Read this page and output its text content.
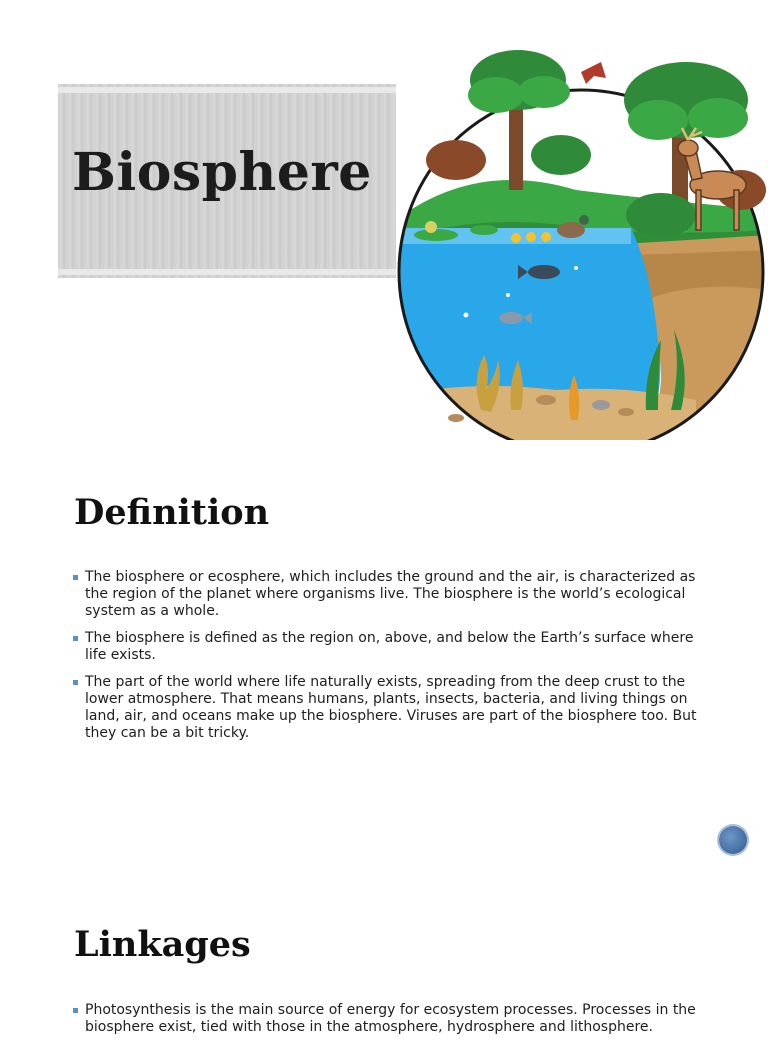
Biosphere
Definition
The biosphere or ecosphere, which includes the ground and the air, is characterized as the region of the planet where organisms live. The biosphere is the world’s ecological system as a whole.
The biosphere is defined as the region on, above, and below the Earth’s surface where life exists.
The part of the world where life naturally exists, spreading from the deep crust to the lower atmosphere. That means humans, plants, insects, bacteria, and living things on land, air, and oceans make up the biosphere. Viruses are part of the biosphere too. But they can be a bit tricky.
Linkages
Photosynthesis is the main source of energy for ecosystem processes. Processes in the biosphere exist, tied with those in the atmosphere, hydrosphere and lithosphere.
